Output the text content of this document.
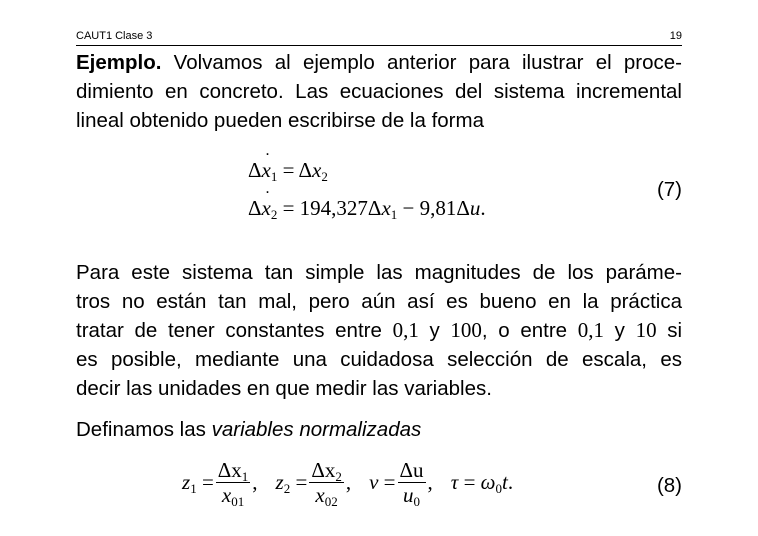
CAUT1 Clase 3	19
Ejemplo. Volvamos al ejemplo anterior para ilustrar el proce-
dimiento en concreto. Las ecuaciones del sistema incremental
lineal obtenido pueden escribirse de la forma
Δ˙ $x_1 = \Delta x_2$
Δ˙ $x_2 = 194,327\Delta x_1 - 9,81\Delta u$.
(7)
Para este sistema tan simple las magnitudes de los paráme-
tros no están tan mal, pero aún así es bueno en la práctica
tratar de tener constantes entre 0,1 y 100, o entre 0,1 y 10 si
es posible, mediante una cuidadosa selección de escala, es
decir las unidades en que medir las variables.
Definamos las variables normalizadas
$z_1 = \frac{\Delta x_1}{x_{01}}$ , $z_2 = \frac{\Delta x_2}{x_{02}}$ , $v = \frac{\Delta u}{u_0}$ , $\tau = \omega_0t$.	(8)
